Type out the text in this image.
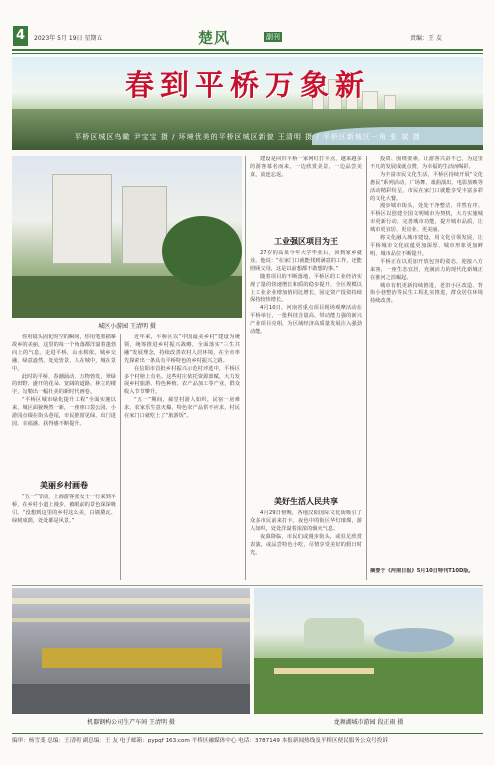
4	2023年 5月 19日 星期五	楚风	副刊	责编：王 友
春到平桥万象新
平桥区城区鸟瞰 尹宝宝 摄 / 环境优美的平桥区城区新貌 王清明 摄 / 平桥区新城区一角 张 斌 摄
城区小游园 王清明 摄

你用镜头固化时空的瞬间，你用笔墨描摹故乡的美丽，这里的每一个角落都洋溢着蓬勃向上的气息。走进平桥，山水相依，城乡交融，绿意盎然，处处皆景，人在城中，城在景中。

此时的平桥，春潮涌动、万物勃发，翠绿的田野、盛开的花朵、宽阔的道路、林立的楼宇，勾勒出一幅壮美的新时代画卷。

“平桥区城市绿化提升工程”全面实施以来，城区面貌焕然一新，一座座口袋公园、小游园点缀在街头巷尾，市民推窗见绿，出门进园，幸福感、获得感不断提升。

美丽乡村画卷

“五一”节前，上海游客张女士一行来到平桥，在乡村小道上漫步，被眼前的景色深深吸引。“没想到这里的乡村这么美，白墙黛瓦、绿树成荫，处处都是风景。”

近年来，平桥区以“中国最美乡村”建设为统领，统筹推进乡村振兴战略，全面落实“三生共融”发展理念，持续改善农村人居环境，在全市率先探索出一条具有平桥特色的乡村振兴之路。

在信阳市首批乡村振兴示范村评选中，平桥区多个村榜上有名。这些村庄依托资源禀赋，大力发展乡村旅游、特色种植、农产品加工等产业，群众收入节节攀升。

“五一”期间，郝堂村游人如织，民宿一房难求，农家乐生意火爆，特色农产品供不应求，村民在家门口就吃上了“旅游饭”。

建设是回归平桥一家网红打卡点，越来越多的游客慕名而来，一边欣赏美景，一边品尝美食，流连忘返。

工业强区项目为王

27岁的高某今年大学毕业后，回到家乡就业。他说：“在家门口就能找到满意的工作，还能照顾父母，这是以前想都不敢想的事。”

随着项目的不断落地，平桥区的工业经济实现了量的快速增长和质的稳步提升，全区规模以上工业企业增加值同比增长，固定资产投资持续保持较快增长。

4月10日，河南省重点项目现场观摩活动在平桥举行，一批科技含量高、带动能力强的新兴产业项目亮相，为区域经济高质量发展注入强劲动能。

美好生活人民共享

4月29日傍晚，各地汉阳国际文化街吸引了众多市民前来打卡，夜色中的街区华灯璀璨，游人如织，处处洋溢着浓浓的烟火气息。

夜幕降临，市民们或漫步街头，或驻足欣赏表演，或品尝特色小吃，尽情享受美好的假日时光。

投资、围绕要素，让游客兴奋不已，为这里不凡的发展成就点赞，为幸福的生活而喝彩。

为丰富市民文化生活，平桥区持续开展“文化惠民”系列活动，广场舞、戏曲演出、电影放映等活动精彩纷呈，市民在家门口就能享受丰富多彩的文化大餐。

漫步城市街头，处处干净整洁、井然有序。平桥区以创建全国文明城市为契机，大力实施城市更新行动，完善城市功能，提升城市品质，让城市更宜居、更宜业、更美丽。

将文化融入城市建设，用文化引领发展，让平桥城市文化底蕴更加深厚、城市形象更加鲜明、城市品位不断提升。

平桥正在以更加开放包容的姿态，迎接八方来客，一座生态宜居、充满活力的现代化新城正在淮河之滨崛起。

城市有机更新持续推进，老旧小区改造、背街小巷整治等民生工程扎实推进，群众居住环境持续改善。

摘要于《河南日报》5月10日特刊T10D版。
机器钢构公司生产车间 王清明 摄	龙舞湖城市游园 段正雨 摄
编审：杨雪斐 总编：王清明 副总编：王 友 电子邮箱：pypqf 163.com 平桥区融媒体中心 电话：3787149 本报新闻热线及平桥区便民服务公众号投诉
